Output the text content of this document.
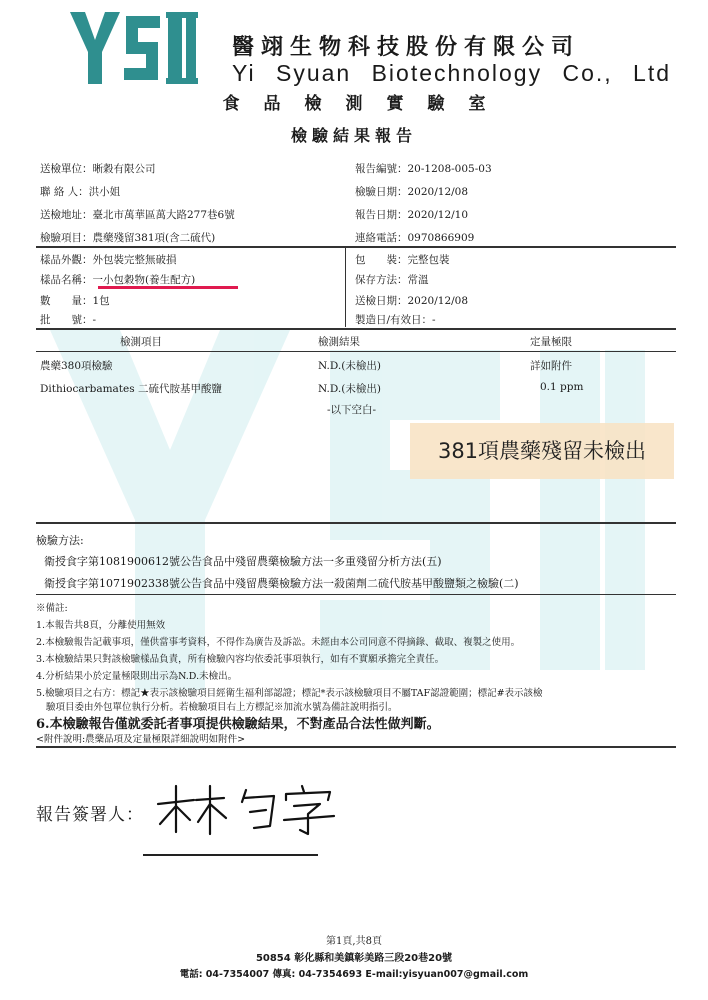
醫翊生物科技股份有限公司
Yi Syuan Biotechnology Co., Ltd
食品檢測實驗室
檢驗結果報告
送檢單位：晰穀有限公司
聯 絡 人：洪小姐
送檢地址：臺北市萬華區萬大路277巷6號
檢驗項目：農藥殘留381項(含二硫代)
報告編號：20-1208-005-03
檢驗日期：2020/12/08
報告日期：2020/12/10
連絡電話：0970866909
樣品外觀：外包裝完整無破損
樣品名稱：一小包穀物(養生配方)
數　　量：1包
批　　號：-
包　　裝：完整包裝
保存方法：常溫
送檢日期：2020/12/08
製造日/有效日：-
檢測項目	檢測結果	定量極限
農藥380項檢驗	N.D.(未檢出)	詳如附件
Dithiocarbamates 二硫代胺基甲酸鹽	N.D.(未檢出)	0.1 ppm
-以下空白-
381項農藥殘留未檢出
檢驗方法:
衛授食字第1081900612號公告食品中殘留農藥檢驗方法一多重殘留分析方法(五)
衛授食字第1071902338號公告食品中殘留農藥檢驗方法一殺菌劑二硫代胺基甲酸鹽類之檢驗(二)
※備註:
1.本報告共8頁，分離使用無效
2.本檢驗報告記載事項，僅供當事考資料，不得作為廣告及訴訟。未經由本公司同意不得摘錄、截取、複製之使用。
3.本檢驗結果只對該檢驗樣品負責，所有檢驗內容均依委託事項執行，如有不實願承擔完全責任。
4.分析結果小於定量極限則出示為N.D.未檢出。
5.檢驗項目之右方：標記★表示該檢驗項目經衛生福利部認證；標記*表示該檢驗項目不屬TAF認證範圍；標記#表示該檢
驗項目委由外包單位執行分析。若檢驗項目右上方標記※加流水號為備註說明指引。
6.本檢驗報告僅就委託者事項提供檢驗結果，不對產品合法性做判斷。
<附件說明:農藥品項及定量極限詳細說明如附件>
報告簽署人：
第1頁,共8頁
50854 彰化縣和美鎮彰美路三段20巷20號
電話: 04-7354007 傳真: 04-7354693 E-mail:yisyuan007@gmail.com
